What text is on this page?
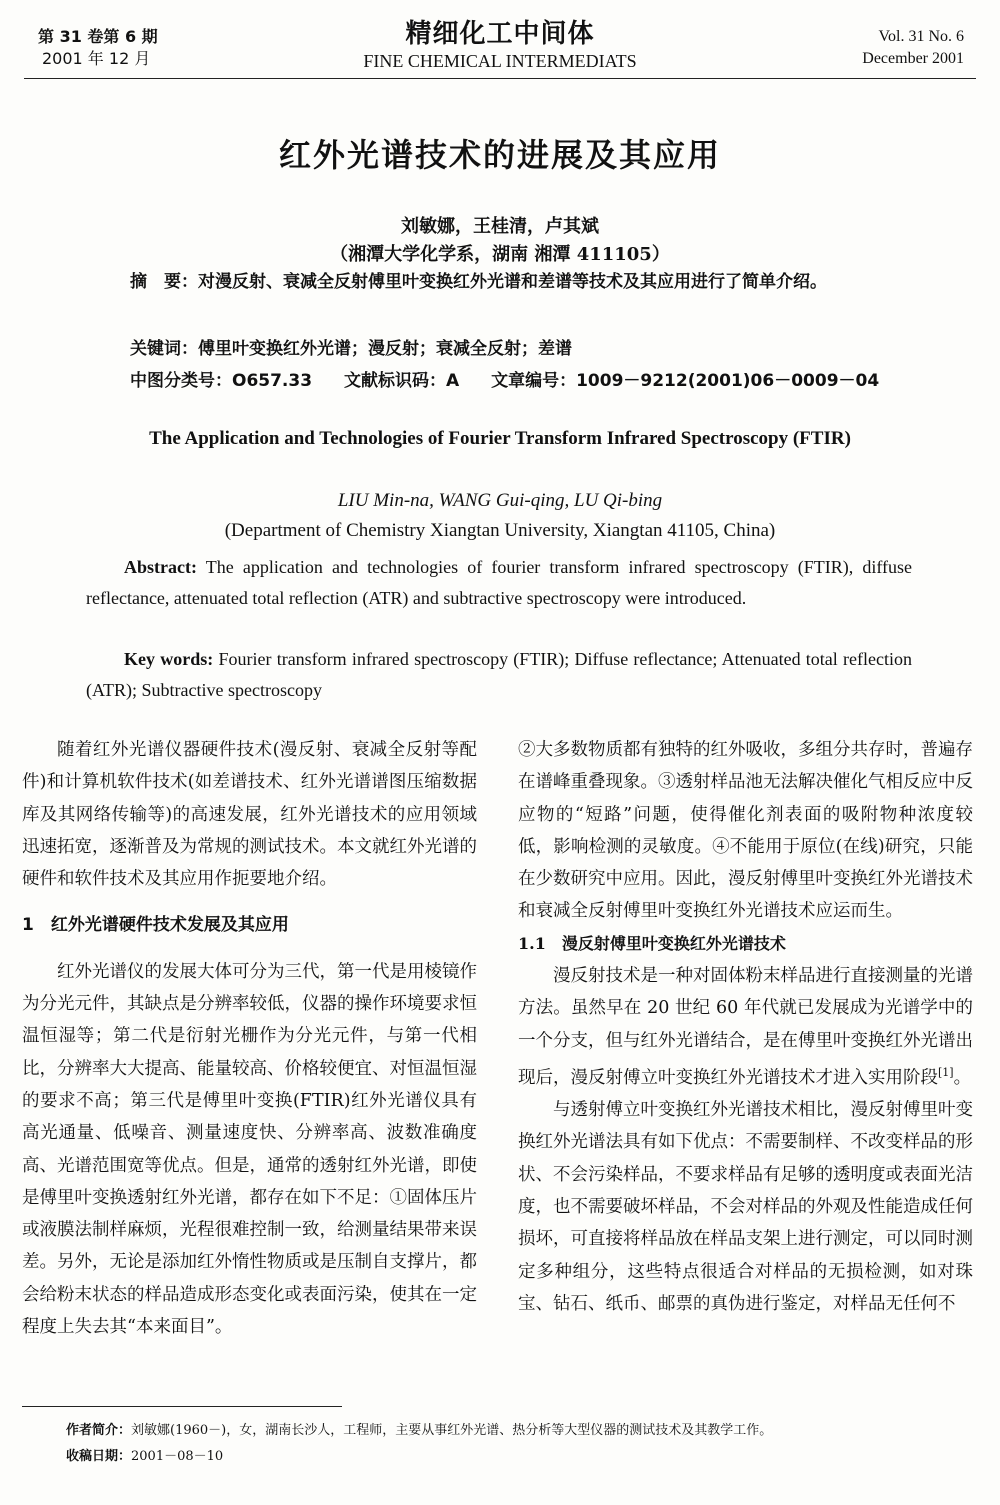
第 31 卷第 6 期
2001 年 12 月
精细化工中间体
FINE CHEMICAL INTERMEDIATS
Vol. 31 No. 6
December 2001
红外光谱技术的进展及其应用
刘敏娜，王桂清，卢其斌
（湘潭大学化学系，湖南 湘潭 411105）
摘　要：对漫反射、衰减全反射傅里叶变换红外光谱和差谱等技术及其应用进行了简单介绍。
关键词：傅里叶变换红外光谱；漫反射；衰减全反射；差谱
中图分类号：O657.33 文献标识码：A 文章编号：1009－9212(2001)06－0009－04
The Application and Technologies of Fourier Transform Infrared Spectroscopy (FTIR)
LIU Min-na, WANG Gui-qing, LU Qi-bing
(Department of Chemistry Xiangtan University, Xiangtan 41105, China)
Abstract: The application and technologies of fourier transform infrared spectroscopy (FTIR), diffuse reflectance, attenuated total reflection (ATR) and subtractive spectroscopy were introduced.
Key words: Fourier transform infrared spectroscopy (FTIR); Diffuse reflectance; Attenuated total reflection (ATR); Subtractive spectroscopy

随着红外光谱仪器硬件技术(漫反射、衰减全反射等配件)和计算机软件技术(如差谱技术、红外光谱谱图压缩数据库及其网络传输等)的高速发展，红外光谱技术的应用领域迅速拓宽，逐渐普及为常规的测试技术。本文就红外光谱的硬件和软件技术及其应用作扼要地介绍。

1　红外光谱硬件技术发展及其应用

红外光谱仪的发展大体可分为三代，第一代是用棱镜作为分光元件，其缺点是分辨率较低，仪器的操作环境要求恒温恒湿等；第二代是衍射光栅作为分光元件，与第一代相比，分辨率大大提高、能量较高、价格较便宜、对恒温恒湿的要求不高；第三代是傅里叶变换(FTIR)红外光谱仪具有高光通量、低噪音、测量速度快、分辨率高、波数准确度高、光谱范围宽等优点。但是，通常的透射红外光谱，即使是傅里叶变换透射红外光谱，都存在如下不足：①固体压片或液膜法制样麻烦，光程很难控制一致，给测量结果带来误差。另外，无论是添加红外惰性物质或是压制自支撑片，都会给粉末状态的样品造成形态变化或表面污染，使其在一定程度上失去其“本来面目”。

②大多数物质都有独特的红外吸收，多组分共存时，普遍存在谱峰重叠现象。③透射样品池无法解决催化气相反应中反应物的“短路”问题，使得催化剂表面的吸附物种浓度较低，影响检测的灵敏度。④不能用于原位(在线)研究，只能在少数研究中应用。因此，漫反射傅里叶变换红外光谱技术和衰减全反射傅里叶变换红外光谱技术应运而生。

1.1　漫反射傅里叶变换红外光谱技术

漫反射技术是一种对固体粉末样品进行直接测量的光谱方法。虽然早在 20 世纪 60 年代就已发展成为光谱学中的一个分支，但与红外光谱结合，是在傅里叶变换红外光谱出现后，漫反射傅立叶变换红外光谱技术才进入实用阶段[1]。

与透射傅立叶变换红外光谱技术相比，漫反射傅里叶变换红外光谱法具有如下优点：不需要制样、不改变样品的形状、不会污染样品，不要求样品有足够的透明度或表面光洁度，也不需要破坏样品，不会对样品的外观及性能造成任何损坏，可直接将样品放在样品支架上进行测定，可以同时测定多种组分，这些特点很适合对样品的无损检测，如对珠宝、钻石、纸币、邮票的真伪进行鉴定，对样品无任何不

作者简介：刘敏娜(1960－)，女，湖南长沙人，工程师，主要从事红外光谱、热分析等大型仪器的测试技术及其教学工作。
收稿日期：2001－08－10
